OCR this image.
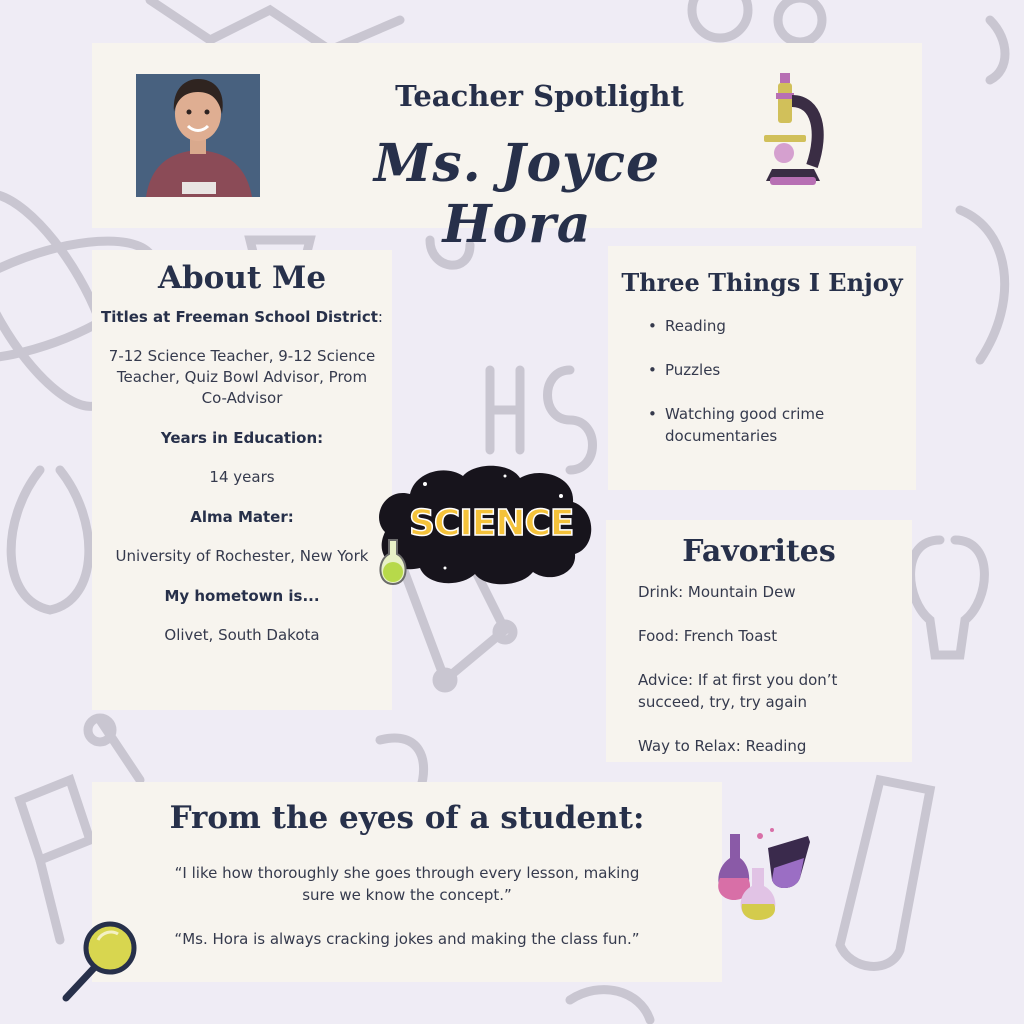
Teacher Spotlight
Ms. Joyce Hora
About Me

Titles at Freeman School District:

7-12 Science Teacher, 9-12 Science Teacher, Quiz Bowl Advisor, Prom Co-Advisor

Years in Education:

14 years

Alma Mater:

University of Rochester, New York

My hometown is...

Olivet, South Dakota

Three Things I Enjoy
• Reading
• Puzzles
• Watching good crime documentaries
Favorites

Drink: Mountain Dew

Food: French Toast

Advice: If at first you don’t succeed, try, try again

Way to Relax: Reading

From the eyes of a student:

“I like how thoroughly she goes through every lesson, making sure we know the concept.”

“Ms. Hora is always cracking jokes and making the class fun.”

SCIENCE
